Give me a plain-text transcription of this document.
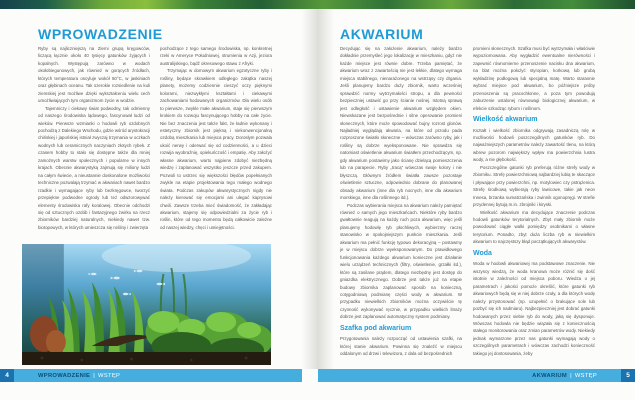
WPROWADZENIE

Ryby są najliczniejszą na Ziemi grupą kręgowców, liczącą łącznie około 40 tysięcy gatunków żyjących i kopalnych. Występują zarówno w wodach okołobiegunowych, jak również w gorących źródłach, których temperatura oscyluje wokół 50°C, w jaskiniach oraz głębinach oceanu. Tak szerokie rozsiedlenie na kuli ziemskiej jest możliwe dzięki wykształceniu wielu cech umożliwiających tym organizmom życie w wodzie.

Tajemniczy i ciekawy świat podwodny, tak odmienny od naszego środowiska lądowego, fascynował ludzi od wieków. Pierwsze wzmianki o hodowli ryb ozdobnych pochodzą z Dalekiego Wschodu, gdzie wśród arystokracji chińskiej i japońskiej istniał zwyczaj trzymania w oczkach wodnych lub ceramicznych naczyniach złotych rybek. Z czasem hobby to stało się dostępne także dla mniej zamożnych warstw społecznych i popularne w innych krajach. Obecnie akwarystyką zajmują się miliony ludzi na całym świecie, a nieustannie doskonalone możliwości techniczne pozwalają trzymać w akwariach nawet bardzo rzadkie i wymagające ryby lub bezkręgowce, tworzyć przepiękne podwodne ogrody lub też odwzorowywać elementy środowiska rafy koralowej. Obecnie odchodzi się od sztucznych ozdób i fantazyjnego żwirku na rzecz zbiorników bardziej naturalnych, niekiedy nawet tzw. biotopowych, w których umieszcza się rośliny i zwierzęta

pochodzące z tego samego środowiska, np. konkretnej rzeki w Ameryce Południowej, strumienia w Azji, jeziora australijskiego, bądź okresowego stawu z Afryki.

Trzymając w domowym akwarium egzotyczne ryby i rośliny, będące skrawkiem odległego zakątka naszej planety, możemy codziennie cieszyć oczy pięknymi kolorami, niezwykłymi kształtami i ciekawymi zachowaniami hodowanych organizmów. Dla wielu osób to pierwsze, zwykle małe akwarium, staje się pierwszym krokiem do rozwoju fascynującego hobby na całe życie. Nie bez znaczenia jest także fakt, że ładnie wykonany i estetyczny zbiornik jest piękną i niekonwencjonalną ozdobą mieszkania lub miejsca pracy. Dorosłym pozwala ukoić nerwy i oderwać się od codzienności, a u dzieci rozwija wyobraźnię, opiekuńczość i empatię. Aby założyć własne akwarium, warto najpierw zdobyć niezbędną wiedzę i zaplanować wszystko jeszcze przed zakupem. Pozwoli to ustrzec się większości błędów popełnianych zwykle na etapie projektowania tego małego wodnego świata. Podczas zakupów akwarystycznych nigdy nie należy kierować się emocjami ani ulegać kaprysowi chwili. Zawsze trzeba mieć świadomość, że zakładając akwarium, stajemy się odpowiedzialni za życie ryb i roślin, które od tego momentu będą całkowicie zależne od naszej wiedzy, chęci i umiejętności.

AKWARIUM

Decydując się na założenie akwarium, należy bardzo dokładnie przemyśleć jego lokalizację w mieszkaniu, gdyż nie każde miejsce jest równie dobre. Trzeba pamiętać, że akwarium wraz z zawartością nie jest lekkie, dlatego wymaga miejsca stabilnego, nienarażonego na wstrząsy czy drgania. Jeśli planujemy bardzo duży zbiornik, warto wcześniej sprawdzić normy wytrzymałości stropu, a dla pewności bezpieczniej ustawić go przy ścianie nośnej. Istotną sprawą jest odległość i ustawienie akwarium względem okien. Niewskazane jest bezpośrednie i silne operowanie promieni słonecznych, które może spowodować bujny rozrost glonów. Najładniej wyglądają akwaria, na które od przodu pada rozproszone światło słoneczne – wówczas zarówno ryby, jak i rośliny są dobrze wyeksponowane. Nie sprawdza się natomiast oświetlenie akwarium światłem przechodzącym, np. gdy akwarium postawimy jako ścianę dzielącą pomieszczenia lub na parapecie. Ryby „tracą” wówczas swoje kolory i nie błyszczą. Głównym źródłem światła zawsze pozostaje oświetlenie sztuczne, odpowiednio dobrane do planowanej obsady akwarium (inne dla ryb nocnych, inne dla akwarium morskiego, inne dla roślinnego itd.).

Podczas wybierania miejsca na akwarium należy pamiętać również o samych jego mieszkańcach. Niektóre ryby bardzo gwałtownie reagują na każdy ruch poza akwarium, więc jeśli planujemy hodowlę ryb płochliwych, wybierzmy raczej stanowisko w spokojniejszym punkcie mieszkania. Jeśli akwarium ma pełnić funkcję typowo dekoracyjną – postawmy je w miejscu dobrze wyeksponowanym. Do prawidłowego funkcjonowania każdego akwarium konieczne jest działanie wielu urządzeń technicznych (filtry, oświetlenie, grzałki itd.), które są zasilane prądem, dlatego niezbędny jest dostęp do gniazdka elektrycznego. Dobrze jest także już na etapie budowy zbiornika zaplanować sposób na konieczną, cotygodniową podmianę części wody w akwarium. W przypadku niewielkich zbiorników można oczywiście tę czynność wykonywać ręcznie, w przypadku wielkich litraży dobrze jest zaplanować automatyczny system podmiany.

Szafka pod akwarium

Przygotowania należy rozpocząć od ustawienia szafki, na której stanie akwarium. Powinna się znaleźć w miejscu oddalonym od drzwi i telewizora, z dala od bezpośrednich

promieni słonecznych. Szafka musi być wytrzymała i właściwie wypoziomowana. Aby wygładzić ewentualne nierówności i zapewnić równomierne przenoszenie nacisku dna akwarium, na blat można położyć styropian, korkową lub grubą wykładzinę podłogową lub specjalną matę. Warto starannie wybrać miejsce pod akwarium, bo późniejsze próby przenoszenia są pracochłonne, a poza tym powodują zaburzenie ustalonej równowagi biologicznej akwarium, w efekcie szkodząc rybom i roślinom.

Wielkość akwarium

Kształt i wielkość zbiornika odgrywają zasadniczą rolę w możliwości hodowli poszczególnych gatunków ryb. Do najważniejszych parametrów należy zawartość tlenu, na którą wbrew pozorom największy wpływ ma powierzchnia lustra wody, a nie głębokość.

Poszczególne gatunki ryb preferują różne strefy wody w zbiorniku. Strefę powierzchniową najbardziej lubią te skaczące i pływające przy powierzchni, np. motylowiec czy pstrążenica. Strefę środkową wybierają ryby ławicowe, takie jak neon Innesa, brzanka sumatrzańska i zwinnik ogonopręgi. W strefie przydennej bytują m.in. zbrojniki i kiryski.

Wielkość akwarium ma decydujące znaczenie podczas hodowli gatunków terytorialnych. Zbyt mały zbiornik może powodować ciągłe walki pomiędzy osobnikami o własne terytorium. Ponadto, zbyt duża liczba ryb w niewielkim akwarium to najczęstszy błąd początkujących akwarystów.

Woda

Woda w hodowli akwariowej ma podstawowe znaczenie. Nie wszyscy wiedzą, że woda kranowa może różnić się dość istotnie w zależności od miejsca poboru. Wiedza o jej parametrach i jakości pomoże określić, które gatunki ryb akwariowych będą się w niej dobrze czuły, a dla których wodę należy przystosować (np. uzupełnić o brakujące sole lub pozbyć się ich nadmiaru). Najbezpieczniej jest dobrać gatunki hodowanych przez siebie ryb do wody, jaką się dysponuje. Wówczas hodowla nie będzie wiązała się z koniecznością stałego monitorowania oraz zmian parametrów wody. Niekiedy jednak wymarzone przez nas gatunki wymagają wody o szczególnych parametrach i wówczas zachodzi konieczność takiego jej dostosowania, żeby

WPROWADZENIE | WSTĘP	AKWARIUM | WSTĘP
4	5
